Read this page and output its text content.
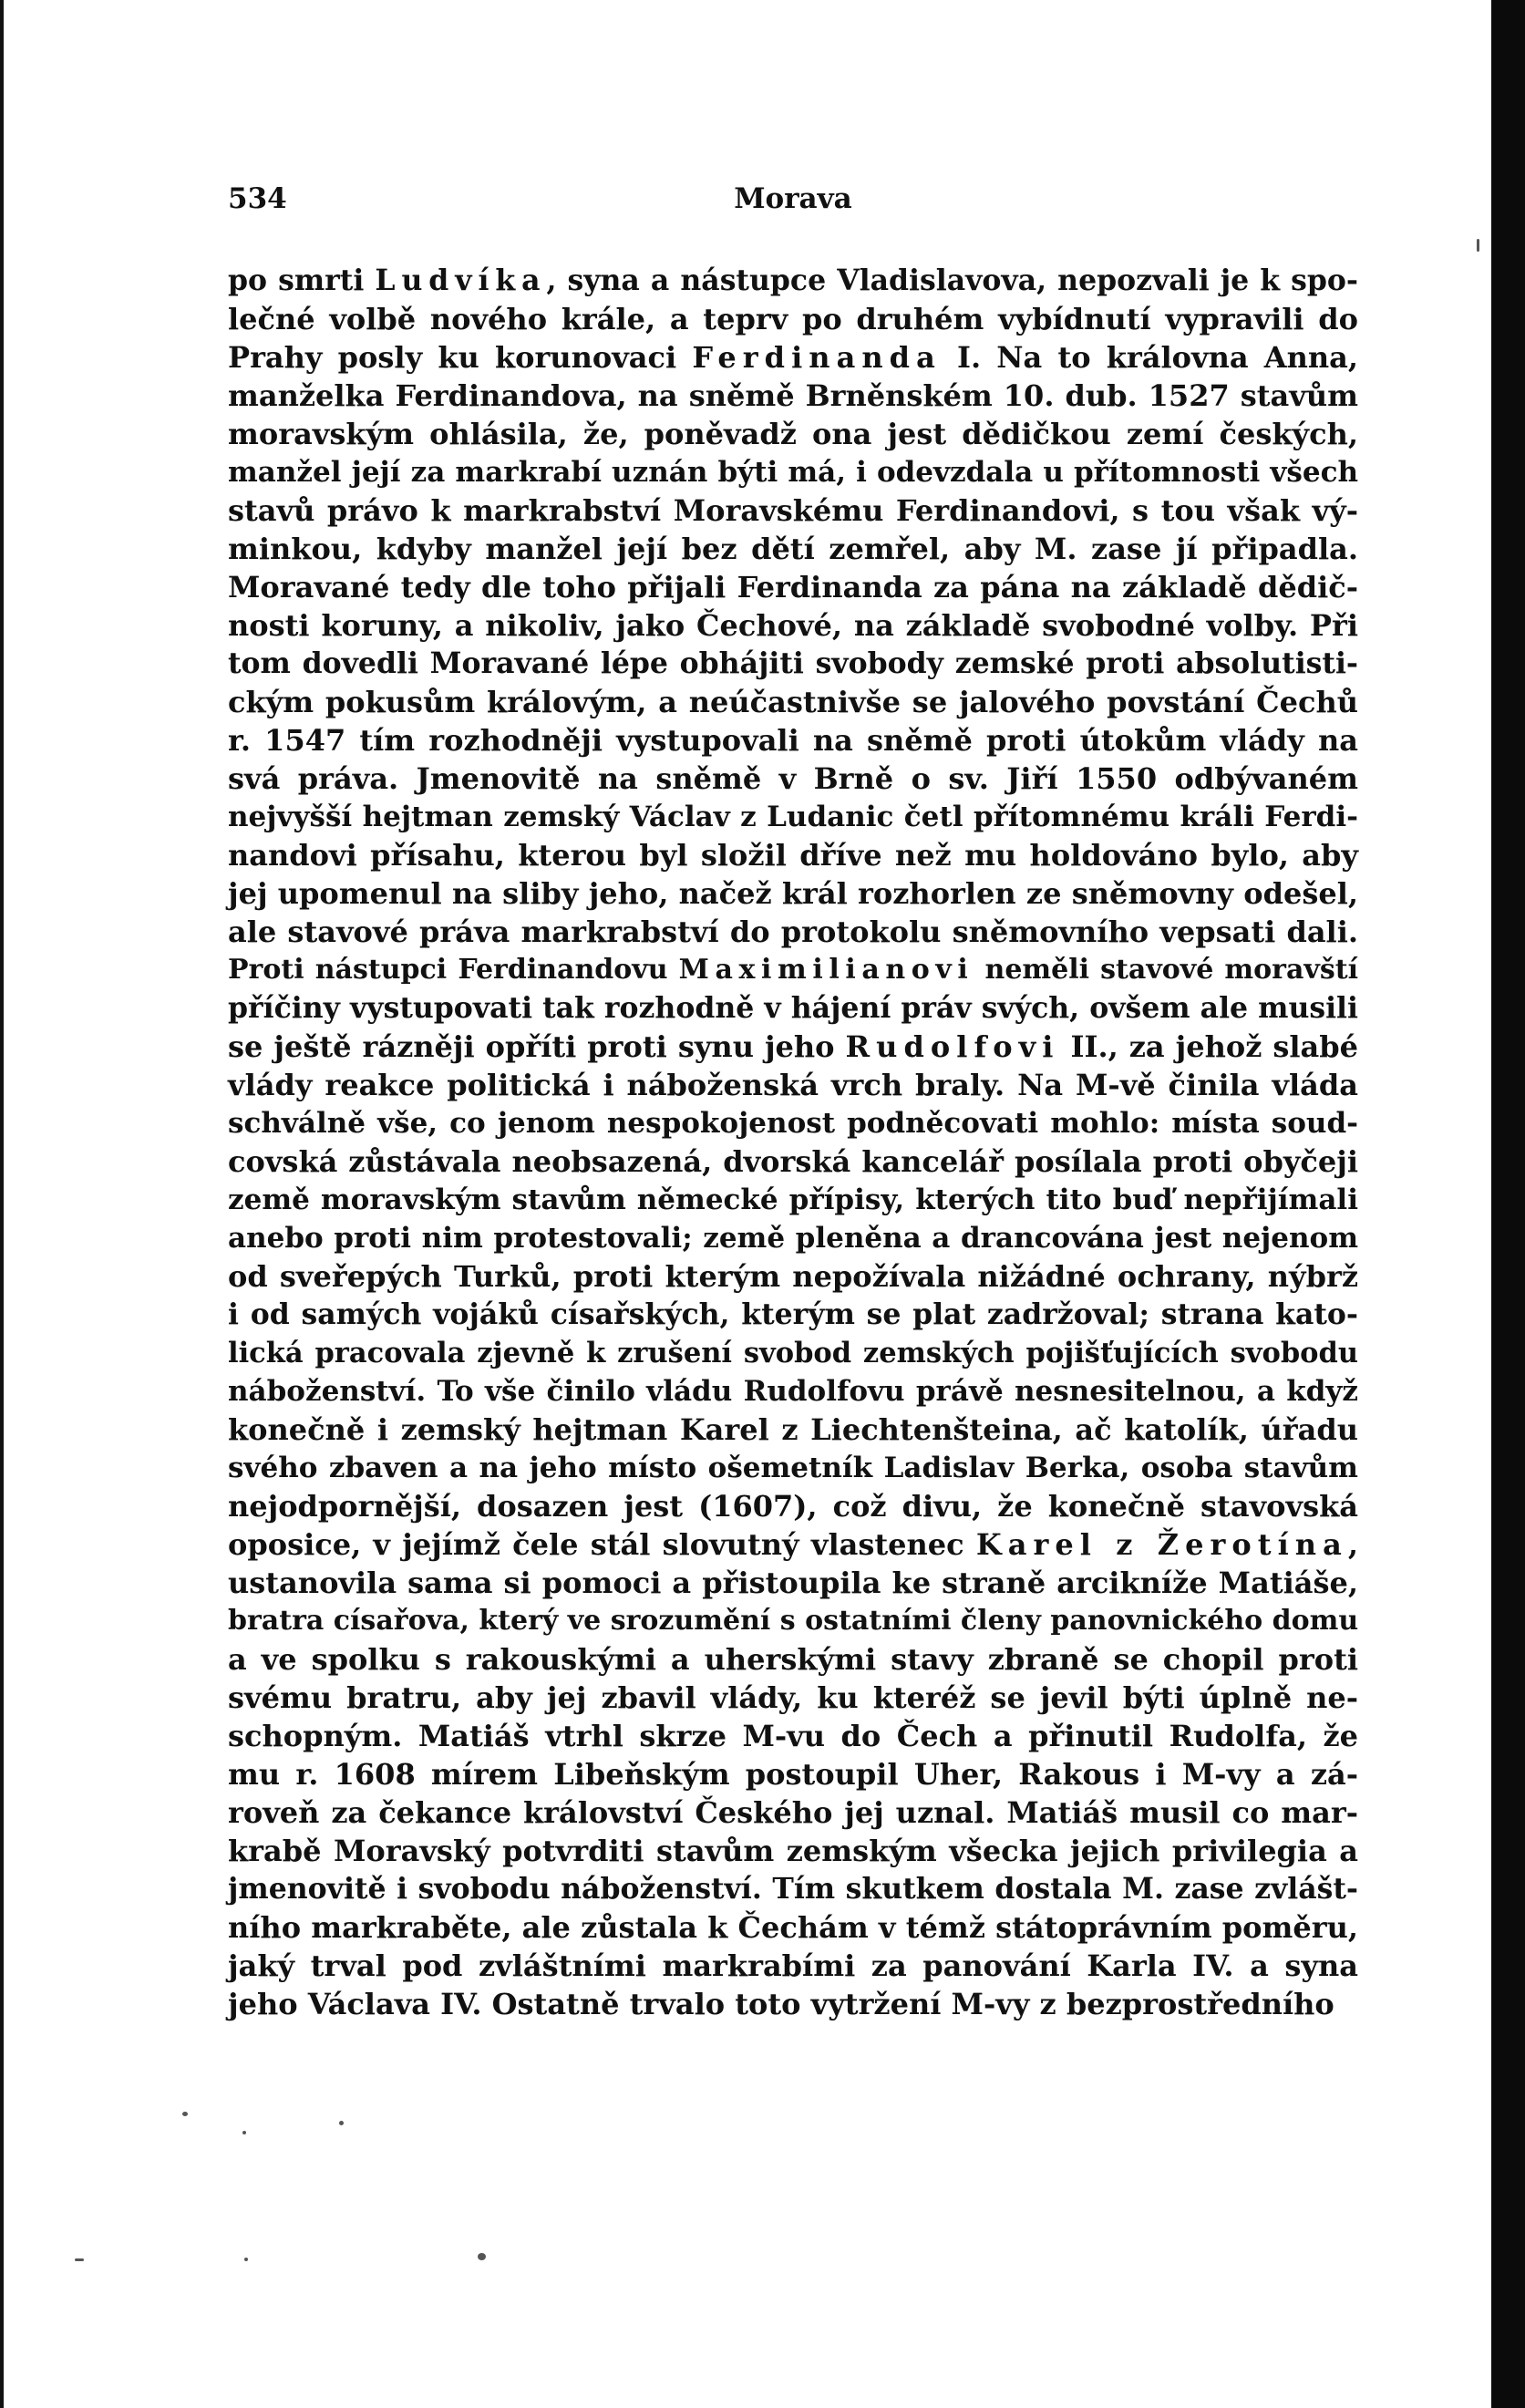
534	Morava
po smrti Ludvíka, syna a nástupce Vladislavova, nepozvali je k spo-
lečné volbě nového krále, a teprv po druhém vybídnutí vypravili do
Prahy posly ku korunovaci Ferdinanda I. Na to královna Anna,
manželka Ferdinandova, na sněmě Brněnském 10. dub. 1527 stavům
moravským ohlásila, že, poněvadž ona jest dědičkou zemí českých,
manžel její za markrabí uznán býti má, i odevzdala u přítomnosti všech
stavů právo k markrabství Moravskému Ferdinandovi, s tou však vý-
minkou, kdyby manžel její bez dětí zemřel, aby M. zase jí připadla.
Moravané tedy dle toho přijali Ferdinanda za pána na základě dědič-
nosti koruny, a nikoliv, jako Čechové, na základě svobodné volby. Při
tom dovedli Moravané lépe obhájiti svobody zemské proti absolutisti-
ckým pokusům královým, a neúčastnivše se jalového povstání Čechů
r. 1547 tím rozhodněji vystupovali na sněmě proti útokům vlády na
svá práva. Jmenovitě na sněmě v Brně o sv. Jiří 1550 odbývaném
nejvyšší hejtman zemský Václav z Ludanic četl přítomnému králi Ferdi-
nandovi přísahu, kterou byl složil dříve než mu holdováno bylo, aby
jej upomenul na sliby jeho, načež král rozhorlen ze sněmovny odešel,
ale stavové práva markrabství do protokolu sněmovního vepsati dali.
Proti nástupci Ferdinandovu Maximilianovi neměli stavové moravští
příčiny vystupovati tak rozhodně v hájení práv svých, ovšem ale musili
se ještě rázněji opříti proti synu jeho Rudolfovi II., za jehož slabé
vlády reakce politická i náboženská vrch braly. Na M-vě činila vláda
schválně vše, co jenom nespokojenost podněcovati mohlo: místa soud-
covská zůstávala neobsazená, dvorská kancelář posílala proti obyčeji
země moravským stavům německé přípisy, kterých tito buď nepřijímali
anebo proti nim protestovali; země pleněna a drancována jest nejenom
od sveřepých Turků, proti kterým nepožívala nižádné ochrany, nýbrž
i od samých vojáků císařských, kterým se plat zadržoval; strana kato-
lická pracovala zjevně k zrušení svobod zemských pojišťujících svobodu
náboženství. To vše činilo vládu Rudolfovu právě nesnesitelnou, a když
konečně i zemský hejtman Karel z Liechtenšteina, ač katolík, úřadu
svého zbaven a na jeho místo ošemetník Ladislav Berka, osoba stavům
nejodpornější, dosazen jest (1607), což divu, že konečně stavovská
oposice, v jejímž čele stál slovutný vlastenec Karel z Žerotína,
ustanovila sama si pomoci a přistoupila ke straně arcikníže Matiáše,
bratra císařova, který ve srozumění s ostatními členy panovnického domu
a ve spolku s rakouskými a uherskými stavy zbraně se chopil proti
svému bratru, aby jej zbavil vlády, ku kteréž se jevil býti úplně ne-
schopným. Matiáš vtrhl skrze M-vu do Čech a přinutil Rudolfa, že
mu r. 1608 mírem Libeňským postoupil Uher, Rakous i M-vy a zá-
roveň za čekance království Českého jej uznal. Matiáš musil co mar-
krabě Moravský potvrditi stavům zemským všecka jejich privilegia a
jmenovitě i svobodu náboženství. Tím skutkem dostala M. zase zvlášt-
ního markraběte, ale zůstala k Čechám v témž státoprávním poměru,
jaký trval pod zvláštními markrabími za panování Karla IV. a syna
jeho Václava IV. Ostatně trvalo toto vytržení M-vy z bezprostředního
